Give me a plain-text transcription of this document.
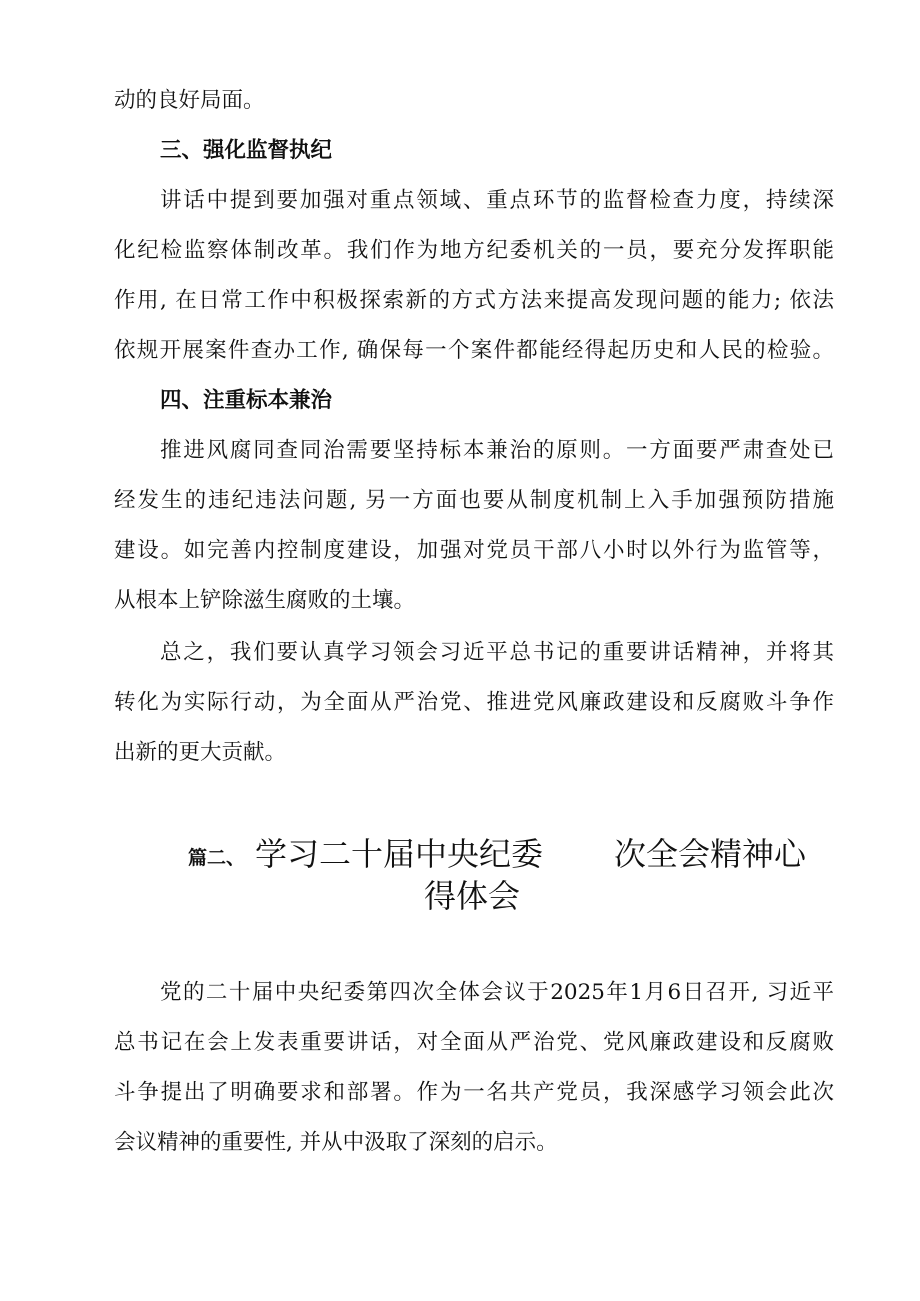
动的良好局面。
三、强化监督执纪
讲话中提到要加强对重点领域、重点环节的监督检查力度，持续深
化纪检监察体制改革。我们作为地方纪委机关的一员，要充分发挥职能
作用, 在日常工作中积极探索新的方式方法来提高发现问题的能力; 依法
依规开展案件查办工作, 确保每一个案件都能经得起历史和人民的检验。
四、注重标本兼治
推进风腐同查同治需要坚持标本兼治的原则。一方面要严肃查处已
经发生的违纪违法问题, 另一方面也要从制度机制上入手加强预防措施
建设。如完善内控制度建设，加强对党员干部八小时以外行为监管等，
从根本上铲除滋生腐败的土壤。
总之，我们要认真学习领会习近平总书记的重要讲话精神，并将其
转化为实际行动，为全面从严治党、推进党风廉政建设和反腐败斗争作
出新的更大贡献。
篇二、 学习二十届中央纪委 次全会精神心
得体会
党的二十届中央纪委第四次全体会议于2025年1月6日召开, 习近平
总书记在会上发表重要讲话，对全面从严治党、党风廉政建设和反腐败
斗争提出了明确要求和部署。作为一名共产党员，我深感学习领会此次
会议精神的重要性, 并从中汲取了深刻的启示。
